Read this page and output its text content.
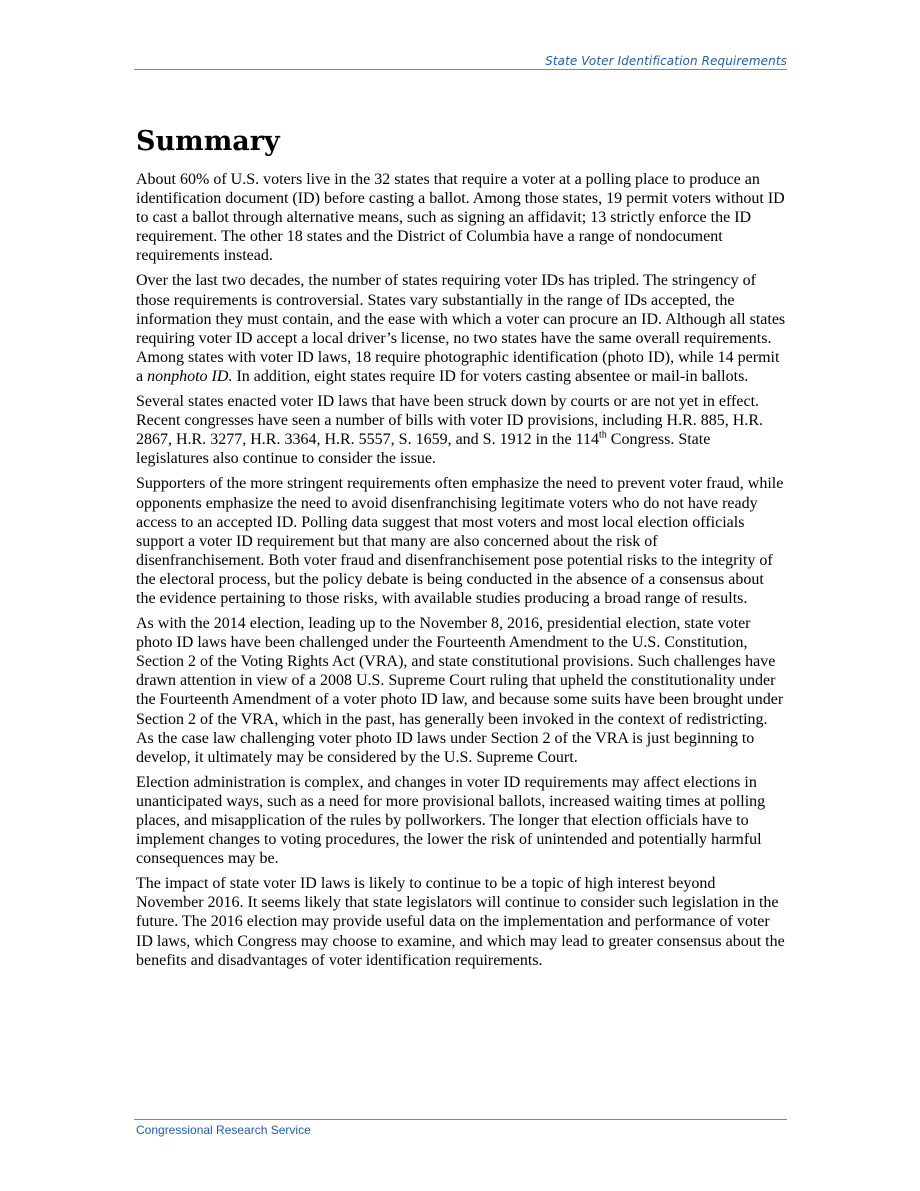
State Voter Identification Requirements
Summary

About 60% of U.S. voters live in the 32 states that require a voter at a polling place to produce an identification document (ID) before casting a ballot. Among those states, 19 permit voters without ID to cast a ballot through alternative means, such as signing an affidavit; 13 strictly enforce the ID requirement. The other 18 states and the District of Columbia have a range of nondocument requirements instead.

Over the last two decades, the number of states requiring voter IDs has tripled. The stringency of those requirements is controversial. States vary substantially in the range of IDs accepted, the information they must contain, and the ease with which a voter can procure an ID. Although all states requiring voter ID accept a local driver’s license, no two states have the same overall requirements. Among states with voter ID laws, 18 require photographic identification (photo ID), while 14 permit a nonphoto ID. In addition, eight states require ID for voters casting absentee or mail-in ballots.

Several states enacted voter ID laws that have been struck down by courts or are not yet in effect. Recent congresses have seen a number of bills with voter ID provisions, including H.R. 885, H.R. 2867, H.R. 3277, H.R. 3364, H.R. 5557, S. 1659, and S. 1912 in the 114th Congress. State legislatures also continue to consider the issue.

Supporters of the more stringent requirements often emphasize the need to prevent voter fraud, while opponents emphasize the need to avoid disenfranchising legitimate voters who do not have ready access to an accepted ID. Polling data suggest that most voters and most local election officials support a voter ID requirement but that many are also concerned about the risk of disenfranchisement. Both voter fraud and disenfranchisement pose potential risks to the integrity of the electoral process, but the policy debate is being conducted in the absence of a consensus about the evidence pertaining to those risks, with available studies producing a broad range of results.

As with the 2014 election, leading up to the November 8, 2016, presidential election, state voter photo ID laws have been challenged under the Fourteenth Amendment to the U.S. Constitution, Section 2 of the Voting Rights Act (VRA), and state constitutional provisions. Such challenges have drawn attention in view of a 2008 U.S. Supreme Court ruling that upheld the constitutionality under the Fourteenth Amendment of a voter photo ID law, and because some suits have been brought under Section 2 of the VRA, which in the past, has generally been invoked in the context of redistricting. As the case law challenging voter photo ID laws under Section 2 of the VRA is just beginning to develop, it ultimately may be considered by the U.S. Supreme Court.

Election administration is complex, and changes in voter ID requirements may affect elections in unanticipated ways, such as a need for more provisional ballots, increased waiting times at polling places, and misapplication of the rules by pollworkers. The longer that election officials have to implement changes to voting procedures, the lower the risk of unintended and potentially harmful consequences may be.

The impact of state voter ID laws is likely to continue to be a topic of high interest beyond November 2016. It seems likely that state legislators will continue to consider such legislation in the future. The 2016 election may provide useful data on the implementation and performance of voter ID laws, which Congress may choose to examine, and which may lead to greater consensus about the benefits and disadvantages of voter identification requirements.

Congressional Research Service
